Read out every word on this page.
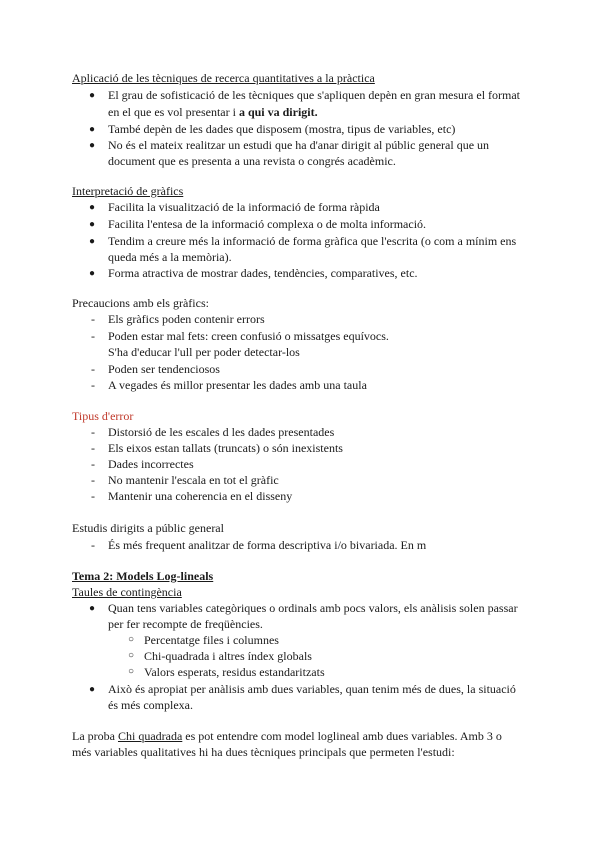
Aplicació de les tècniques de recerca quantitatives a la pràctica
● El grau de sofisticació de les tècniques que s'apliquen depèn en gran mesura el format
en el que es vol presentar i a qui va dirigit.
● També depèn de les dades que disposem (mostra, tipus de variables, etc)
● No és el mateix realitzar un estudi que ha d'anar dirigit al públic general que un
document que es presenta a una revista o congrés acadèmic.
Interpretació de gràfics
● Facilita la visualització de la informació de forma ràpida
● Facilita l'entesa de la informació complexa o de molta informació.
● Tendim a creure més la informació de forma gràfica que l'escrita (o com a mínim ens
queda més a la memòria).
● Forma atractiva de mostrar dades, tendències, comparatives, etc.
Precaucions amb els gràfics:
- Els gràfics poden contenir errors
- Poden estar mal fets: creen confusió o missatges equívocs.
S'ha d'educar l'ull per poder detectar-los
- Poden ser tendenciosos
- A vegades és millor presentar les dades amb una taula
Tipus d'error
- Distorsió de les escales d les dades presentades
- Els eixos estan tallats (truncats) o són inexistents
- Dades incorrectes
- No mantenir l'escala en tot el gràfic
- Mantenir una coherencia en el disseny
Estudis dirigits a públic general
- És més frequent analitzar de forma descriptiva i/o bivariada. En m
Tema 2: Models Log-lineals
Taules de contingència
● Quan tens variables categòriques o ordinals amb pocs valors, els anàlisis solen passar
per fer recompte de freqüències.
○ Percentatge files i columnes
○ Chi-quadrada i altres índex globals
○ Valors esperats, residus estandaritzats
● Això és apropiat per anàlisis amb dues variables, quan tenim més de dues, la situació
és més complexa.
La proba Chi quadrada es pot entendre com model loglineal amb dues variables. Amb 3 o
més variables qualitatives hi ha dues tècniques principals que permeten l'estudi:
